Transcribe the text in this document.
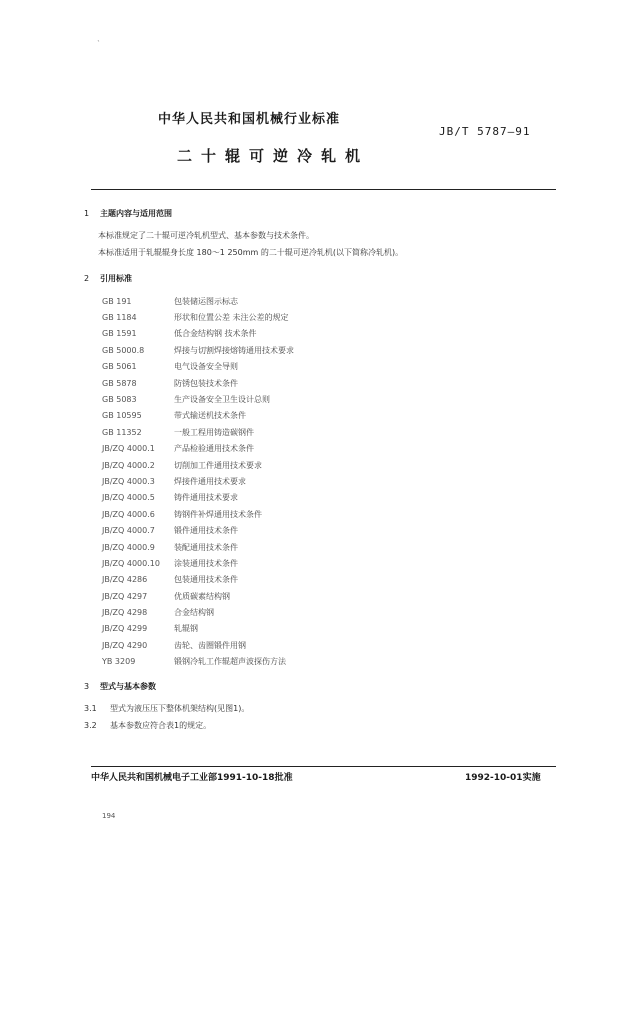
`
中华人民共和国机械行业标准
JB/T 5787—91
二十辊可逆冷轧机
1 主题内容与适用范围
本标准规定了二十辊可逆冷轧机型式、基本参数与技术条件。
本标准适用于轧辊辊身长度 180～1 250mm 的二十辊可逆冷轧机(以下简称冷轧机)。
2 引用标准
GB 191	包装储运图示标志
GB 1184	形状和位置公差 未注公差的规定
GB 1591	低合金结构钢 技术条件
GB 5000.8	焊接与切割焊接熔铸通用技术要求
GB 5061	电气设备安全导则
GB 5878	防锈包装技术条件
GB 5083	生产设备安全卫生设计总则
GB 10595	带式输送机技术条件
GB 11352	一般工程用铸造碳钢件
JB/ZQ 4000.1 产品检验通用技术条件
JB/ZQ 4000.2 切削加工件通用技术要求
JB/ZQ 4000.3 焊接件通用技术要求
JB/ZQ 4000.5 铸件通用技术要求
JB/ZQ 4000.6 铸钢件补焊通用技术条件
JB/ZQ 4000.7 锻件通用技术条件
JB/ZQ 4000.9 装配通用技术条件
JB/ZQ 4000.10 涂装通用技术条件
JB/ZQ 4286	包装通用技术条件
JB/ZQ 4297	优质碳素结构钢
JB/ZQ 4298	合金结构钢
JB/ZQ 4299	轧辊钢
JB/ZQ 4290	齿轮、齿圈锻件用钢
YB 3209	锻钢冷轧工作辊超声波探伤方法
3 型式与基本参数
3.1 型式为液压压下整体机架结构(见图1)。
3.2 基本参数应符合表1的规定。
中华人民共和国机械电子工业部1991-10-18批准	1992-10-01实施
194
